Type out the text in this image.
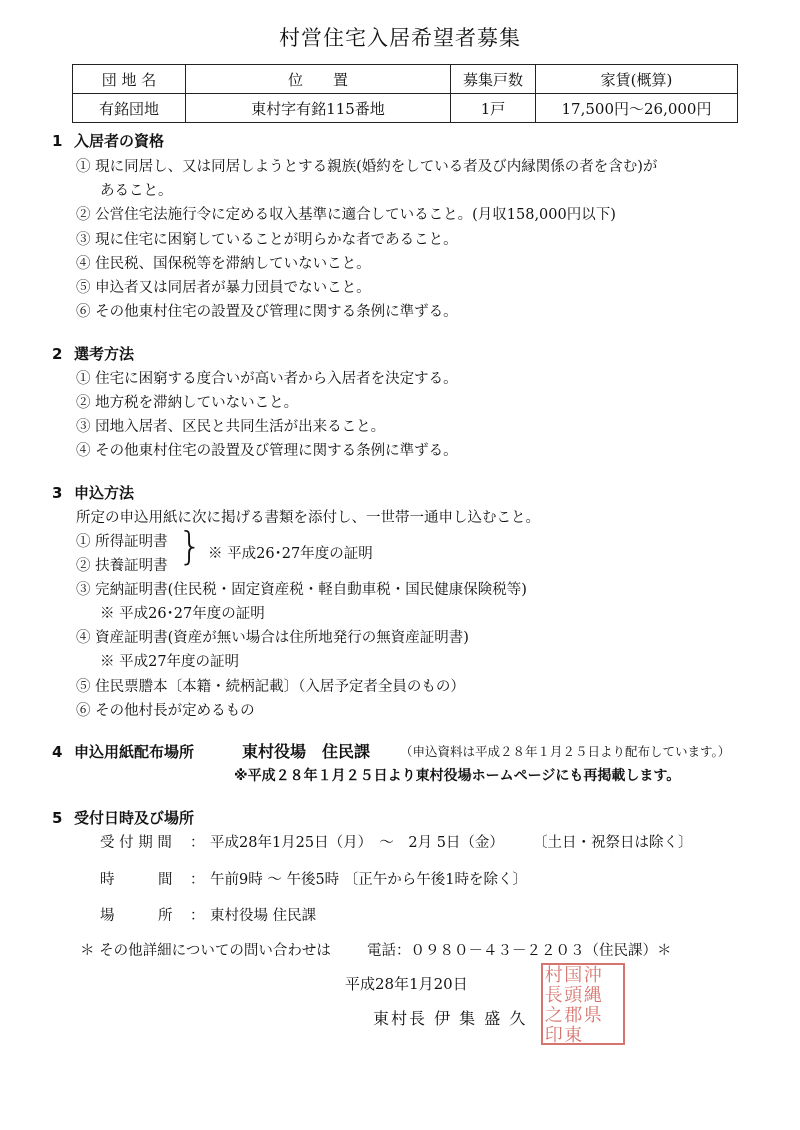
村営住宅入居希望者募集
団 地 名	位　　置	募集戸数	家賃(概算)
有銘団地	東村字有銘115番地	1戸	17,500円～26,000円
1 入居者の資格
① 現に同居し、又は同居しようとする親族(婚約をしている者及び内縁関係の者を含む)が
あること。
② 公営住宅法施行令に定める収入基準に適合していること。(月収158,000円以下)
③ 現に住宅に困窮していることが明らかな者であること。
④ 住民税、国保税等を滞納していないこと。
⑤ 申込者又は同居者が暴力団員でないこと。
⑥ その他東村住宅の設置及び管理に関する条例に準ずる。
2 選考方法
① 住宅に困窮する度合いが高い者から入居者を決定する。
② 地方税を滞納していないこと。
③ 団地入居者、区民と共同生活が出来ること。
④ その他東村住宅の設置及び管理に関する条例に準ずる。
3 申込方法
所定の申込用紙に次に掲げる書類を添付し、一世帯一通申し込むこと。
① 所得証明書
② 扶養証明書 } ※ 平成26･27年度の証明
③ 完納証明書(住民税・固定資産税・軽自動車税・国民健康保険税等)
※ 平成26･27年度の証明
④ 資産証明書(資産が無い場合は住所地発行の無資産証明書)
※ 平成27年度の証明
⑤ 住民票謄本〔本籍・続柄記載〕（入居予定者全員のもの）
⑥ その他村長が定めるもの
4 申込用紙配布場所	東村役場　住民課 （申込資料は平成２８年１月２５日より配布しています。）
※平成２８年１月２５日より東村役場ホームページにも再掲載します。
5 受付日時及び場所
受 付 期 間 ： 平成28年1月25日（月）　～　2月 5日（金） 〔土日・祝祭日は除く〕
時　　　間 ： 午前9時 ～ 午後5時 〔正午から午後1時を除く〕
場　　　所 ： 東村役場 住民課
＊ その他詳細についての問い合わせは 電話：０９８０－４３－２２０３（住民課）＊
平成28年1月20日
東村長 伊 集 盛 久
村 国 沖
長 頭 縄
之 郡 県
印 東
